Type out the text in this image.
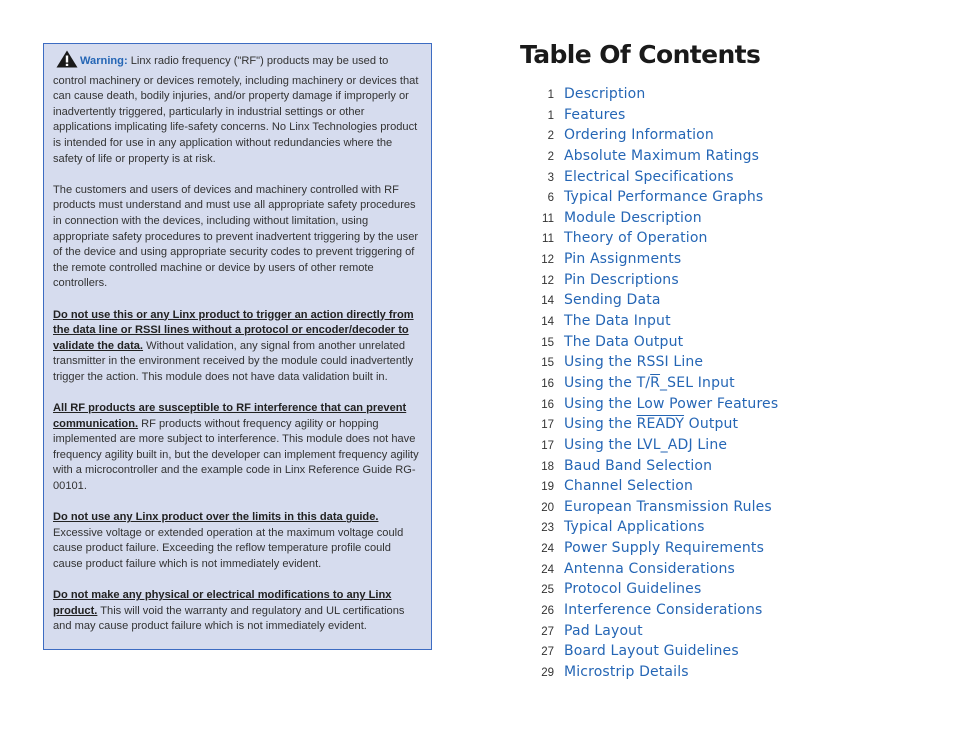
Warning: Linx radio frequency ("RF") products may be used to control machinery or devices remotely, including machinery or devices that can cause death, bodily injuries, and/or property damage if improperly or inadvertently triggered, particularly in industrial settings or other applications implicating life-safety concerns. No Linx Technologies product is intended for use in any application without redundancies where the safety of life or property is at risk.

The customers and users of devices and machinery controlled with RF products must understand and must use all appropriate safety procedures in connection with the devices, including without limitation, using appropriate safety procedures to prevent inadvertent triggering by the user of the device and using appropriate security codes to prevent triggering of the remote controlled machine or device by users of other remote controllers.

Do not use this or any Linx product to trigger an action directly from the data line or RSSI lines without a protocol or encoder/decoder to validate the data. Without validation, any signal from another unrelated transmitter in the environment received by the module could inadvertently trigger the action. This module does not have data validation built in.

All RF products are susceptible to RF interference that can prevent communication. RF products without frequency agility or hopping implemented are more subject to interference. This module does not have frequency agility built in, but the developer can implement frequency agility with a microcontroller and the example code in Linx Reference Guide RG-00101.

Do not use any Linx product over the limits in this data guide. Excessive voltage or extended operation at the maximum voltage could cause product failure. Exceeding the reflow temperature profile could cause product failure which is not immediately evident.

Do not make any physical or electrical modifications to any Linx product. This will void the warranty and regulatory and UL certifications and may cause product failure which is not immediately evident.

Table Of Contents
1 Description
1 Features
2 Ordering Information
2 Absolute Maximum Ratings
3 Electrical Specifications
6 Typical Performance Graphs
11 Module Description
11 Theory of Operation
12 Pin Assignments
12 Pin Descriptions
14 Sending Data
14 The Data Input
15 The Data Output
15 Using the RSSI Line
16 Using the T/R_SEL Input
16 Using the Low Power Features
17 Using the READY Output
17 Using the LVL_ADJ Line
18 Baud Band Selection
19 Channel Selection
20 European Transmission Rules
23 Typical Applications
24 Power Supply Requirements
24 Antenna Considerations
25 Protocol Guidelines
26 Interference Considerations
27 Pad Layout
27 Board Layout Guidelines
29 Microstrip Details
